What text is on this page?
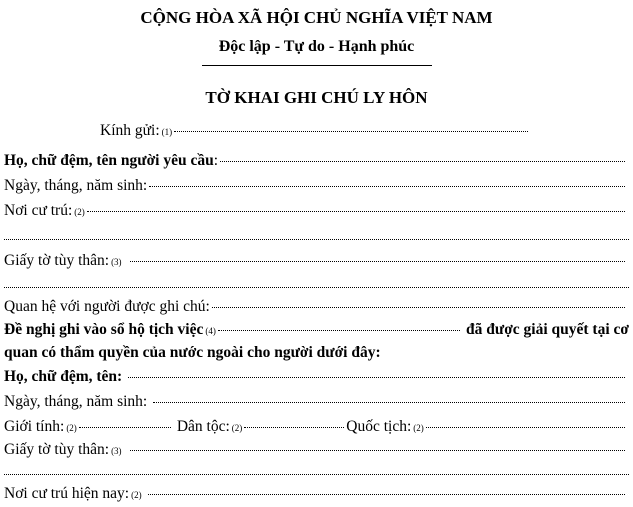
CỘNG HÒA XÃ HỘI CHỦ NGHĨA VIỆT NAM
Độc lập - Tự do - Hạnh phúc
TỜ KHAI GHI CHÚ LY HÔN
Kính gửi: (1)
Họ, chữ đệm, tên người yêu cầu :
Ngày, tháng, năm sinh:
Nơi cư trú: (2)
Giấy tờ tùy thân: (3)
Quan hệ với người được ghi chú:
Đề nghị ghi vào sổ hộ tịch việc (4)	đã được giải quyết tại cơ
quan có thẩm quyền của nước ngoài cho người dưới đây:
Họ, chữ đệm, tên:
Ngày, tháng, năm sinh:
Giới tính: (2)	Dân tộc: (2)	Quốc tịch: (2)
Giấy tờ tùy thân: (3)
Nơi cư trú hiện nay: (2)
